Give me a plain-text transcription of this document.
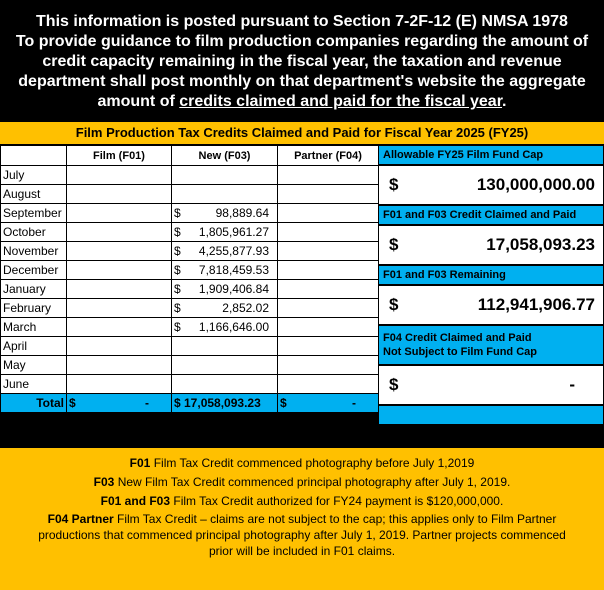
This information is posted pursuant to Section 7-2F-12 (E) NMSA 1978
To provide guidance to film production companies regarding the amount of
credit capacity remaining in the fiscal year, the taxation and revenue
department shall post monthly on that department's website the aggregate
amount of credits claimed and paid for the fiscal year.
Film Production Tax Credits Claimed and Paid for Fiscal Year 2025 (FY25)
	Film (F01)	New (F03)	Partner (F04)
July		

August		

September		$ 98,889.64	

October		$ 1,805,961.27	

November		$ 4,255,877.93	

December		$ 7,818,459.53	

January		$ 1,909,406.84	

February		$ 2,852.02	

March		$ 1,166,646.00	

April		

May		

June		

Total	$ -	$ 17,058,093.23	$ -
Allowable FY25 Film Fund Cap
$	130,000,000.00
F01 and F03 Credit Claimed and Paid
$	17,058,093.23
F01 and F03 Remaining
$	112,941,906.77
F04 Credit Claimed and Paid
Not Subject to Film Fund Cap
$	-

F01 Film Tax Credit commenced photography before July 1,2019

F03 New Film Tax Credit commenced principal photography after July 1, 2019.

F01 and F03 Film Tax Credit authorized for FY24 payment is $120,000,000.

F04 Partner Film Tax Credit – claims are not subject to the cap; this applies only to Film Partner
productions that commenced principal photography after July 1, 2019. Partner projects commenced
prior will be included in F01 claims.
